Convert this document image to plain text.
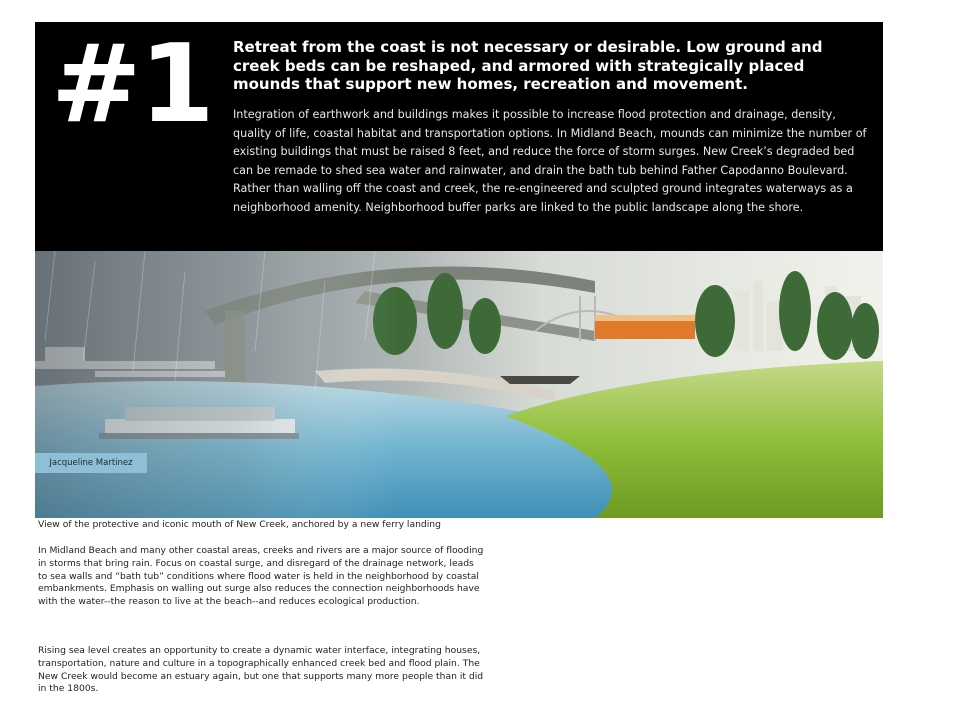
#1 Retreat from the coast is not necessary or desirable. Low ground and creek beds can be reshaped, and armored with strategically placed mounds that support new homes, recreation and movement.

Integration of earthwork and buildings makes it possible to increase flood protection and drainage, density, quality of life, coastal habitat and transportation options. In Midland Beach, mounds can minimize the number of existing buildings that must be raised 8 feet, and reduce the force of storm surges. New Creek’s degraded bed can be remade to shed sea water and rainwater, and drain the bath tub behind Father Capodanno Boulevard. Rather than walling off the coast and creek, the re-engineered and sculpted ground integrates waterways as a neighborhood amenity. Neighborhood buffer parks are linked to the public landscape along the shore.

Jacqueline Martinez

View of the protective and iconic mouth of New Creek, anchored by a new ferry landing

In Midland Beach and many other coastal areas, creeks and rivers are a major source of flooding in storms that bring rain. Focus on coastal surge, and disregard of the drainage network, leads to sea walls and “bath tub” conditions where flood water is held in the neighborhood by coastal embankments. Emphasis on walling out surge also reduces the connection neighborhoods have with the water--the reason to live at the beach--and reduces ecological production.

Rising sea level creates an opportunity to create a dynamic water interface, integrating houses, transportation, nature and culture in a topographically enhanced creek bed and flood plain. The New Creek would become an estuary again, but one that supports many more people than it did in the 1800s.
